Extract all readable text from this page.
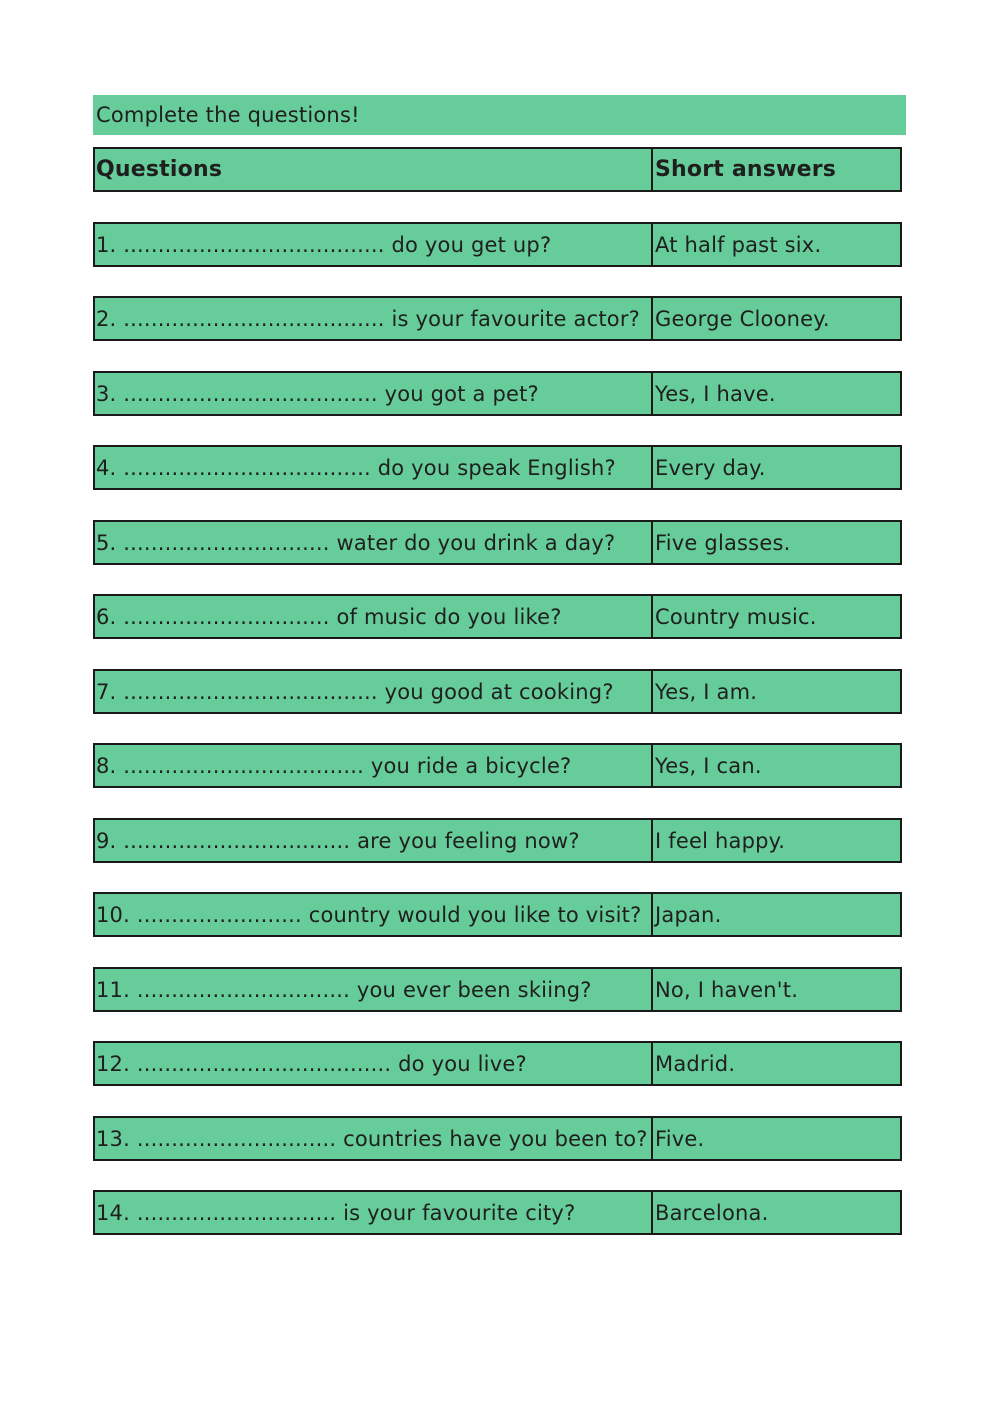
Complete the questions!
Questions	Short answers
1. ...................................... do you get up?	At half past six.
2. ...................................... is your favourite actor? George Clooney.
3. ..................................... you got a pet?	Yes, I have.
4. .................................... do you speak English?	Every day.
5. .............................. water do you drink a day?	Five glasses.
6. .............................. of music do you like?	Country music.
7. ..................................... you good at cooking?	Yes, I am.
8. ................................... you ride a bicycle?	Yes, I can.
9. ................................. are you feeling now?	I feel happy.
10. ........................ country would you like to visit? Japan.
11. ............................... you ever been skiing?	No, I haven't.
12. ..................................... do you live?	Madrid.
13. ............................. countries have you been to? Five.
14. ............................. is your favourite city?	Barcelona.
